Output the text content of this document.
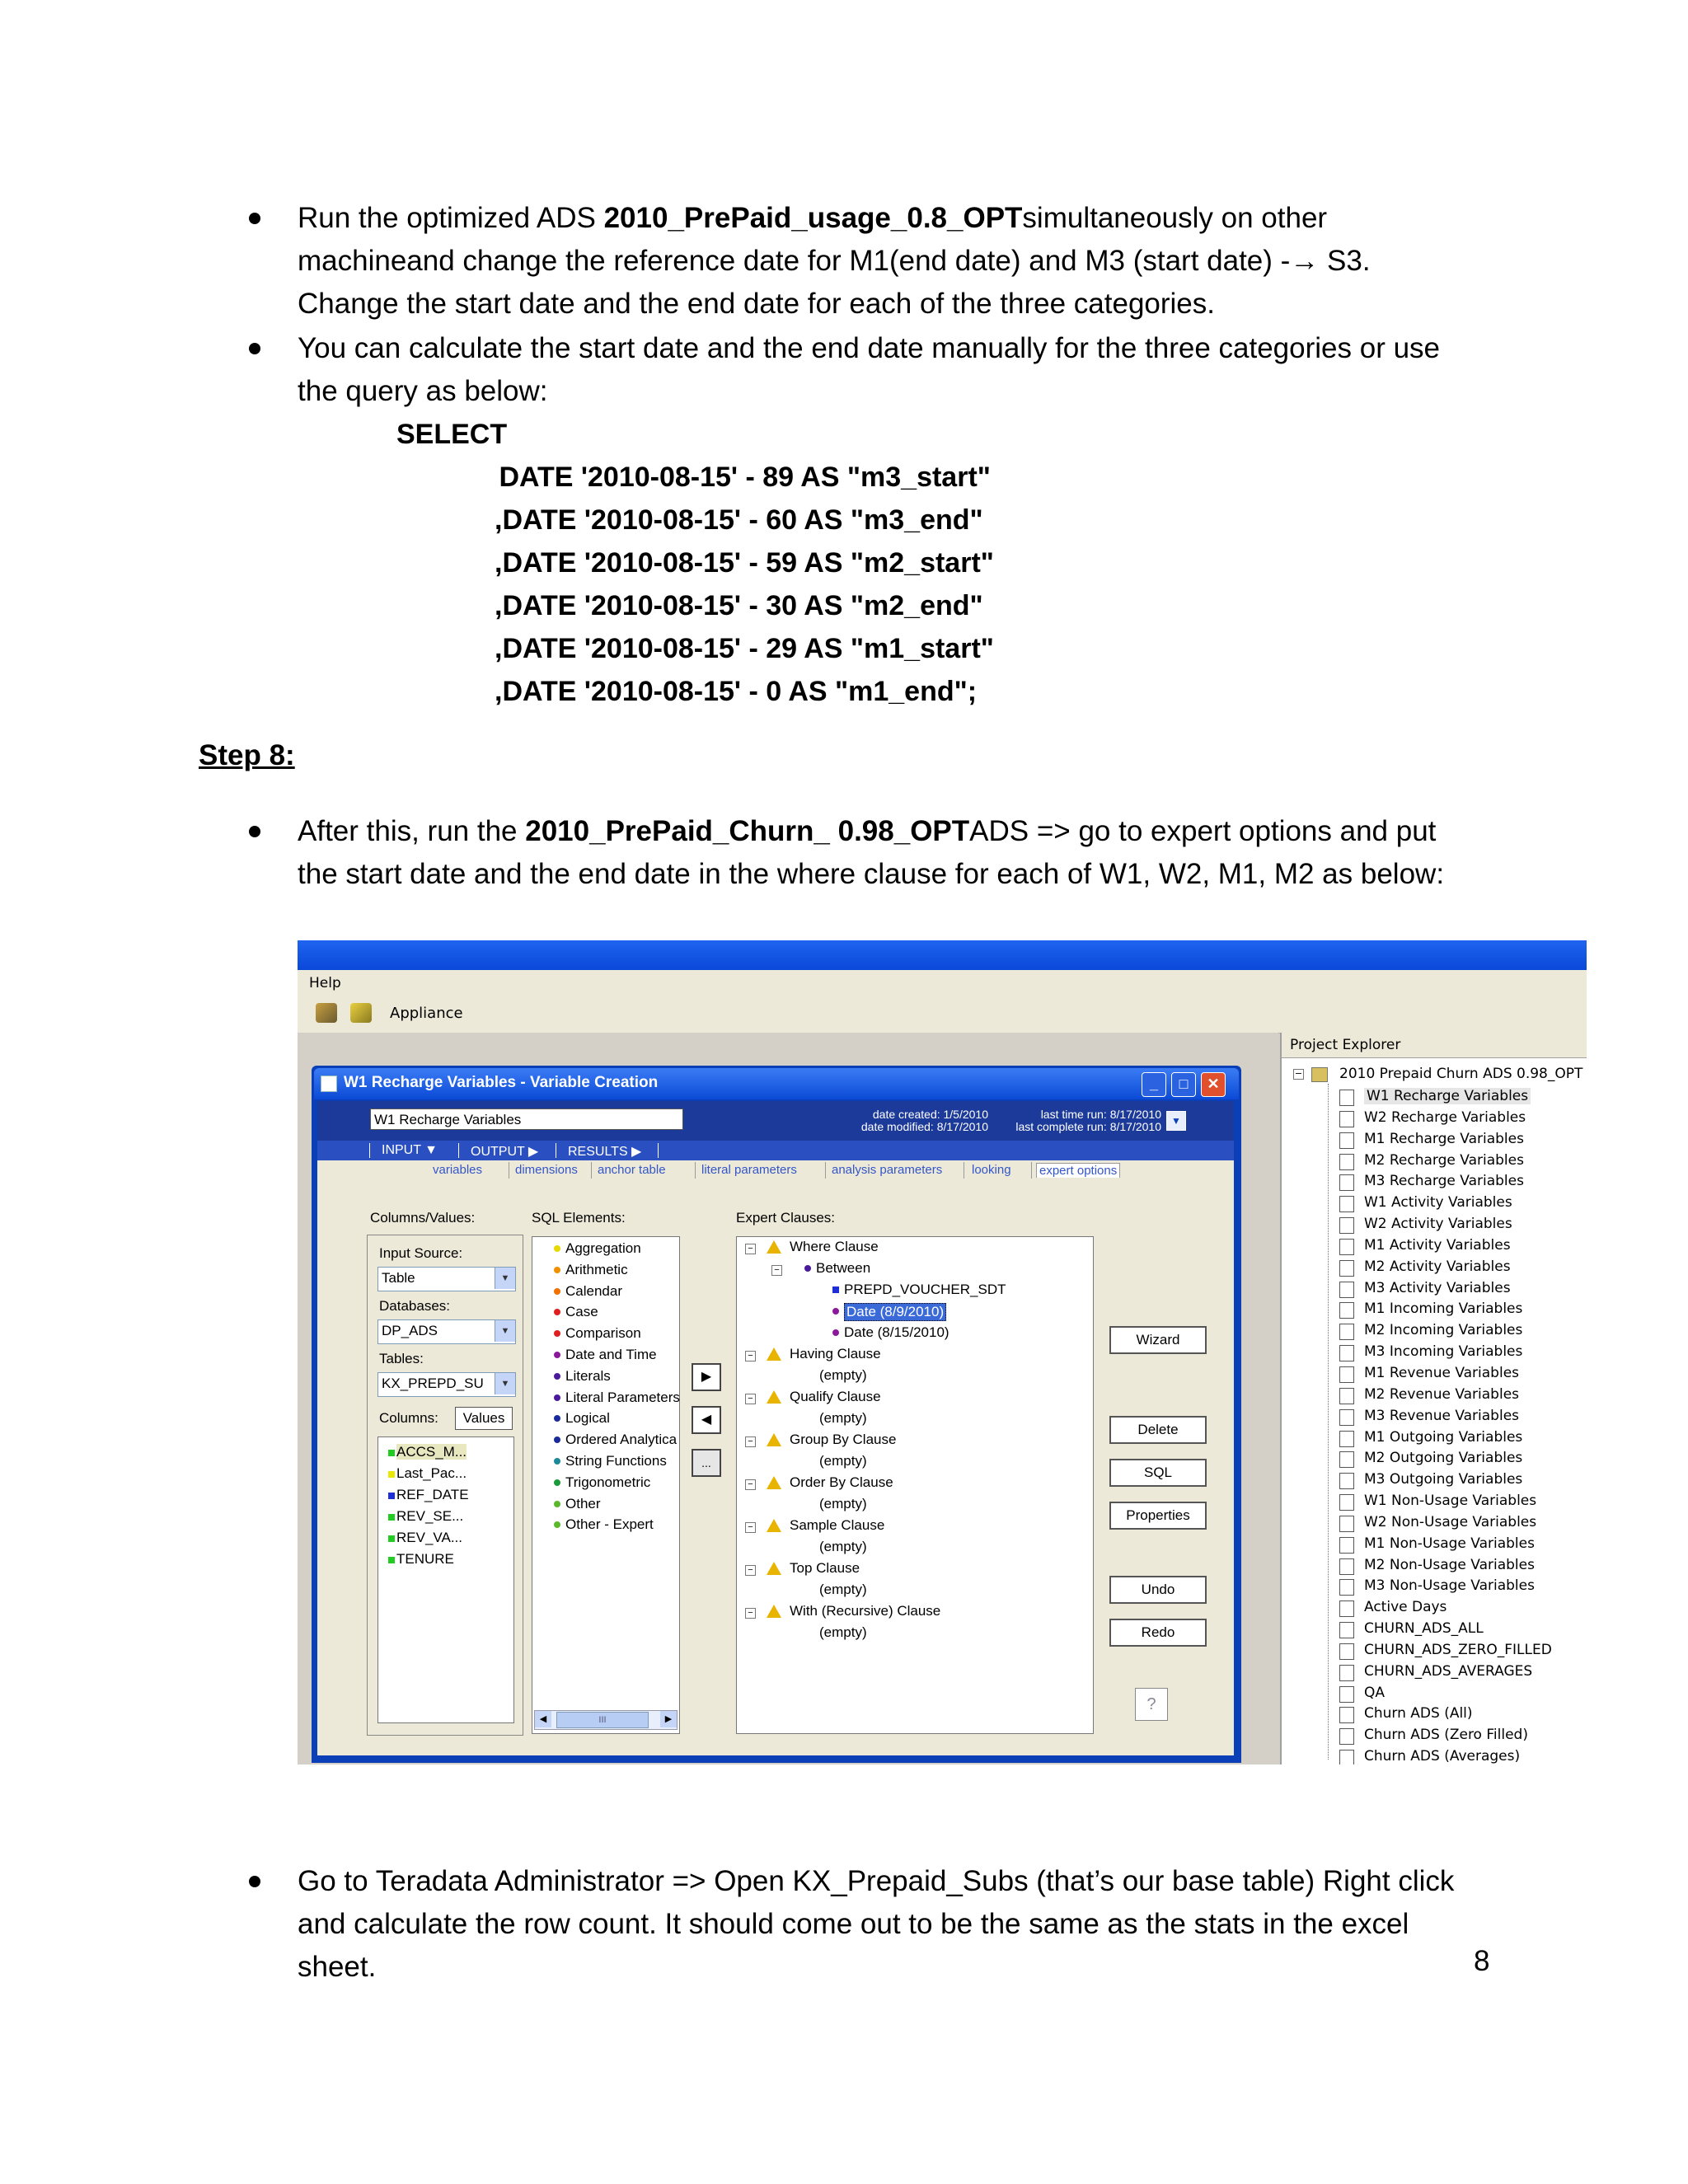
Run the optimized ADS 2010_PrePaid_usage_0.8_OPTsimultaneously on other machineand change the reference date for M1(end date) and M3 (start date) -→ S3. Change the start date and the end date for each of the three categories.
You can calculate the start date and the end date manually for the three categories or use the query as below:
SELECT
DATE '2010-08-15' - 89 AS "m3_start"
,DATE '2010-08-15' - 60 AS "m3_end"
,DATE '2010-08-15' - 59 AS "m2_start"
,DATE '2010-08-15' - 30 AS "m2_end"
,DATE '2010-08-15' - 29 AS "m1_start"
,DATE '2010-08-15' - 0 AS "m1_end";
Step 8:
After this, run the 2010_PrePaid_Churn_ 0.98_OPTADS => go to expert options and put the start date and the end date in the where clause for each of W1, W2, M1, M2 as below:
Help
Appliance
Project Explorer
−	2010 Prepaid Churn ADS 0.98_OPT
W1 Recharge Variables
W2 Recharge Variables
M1 Recharge Variables
M2 Recharge Variables
M3 Recharge Variables
W1 Activity Variables
W2 Activity Variables
M1 Activity Variables
M2 Activity Variables
M3 Activity Variables
M1 Incoming Variables
M2 Incoming Variables
M3 Incoming Variables
M1 Revenue Variables
M2 Revenue Variables
M3 Revenue Variables
M1 Outgoing Variables
M2 Outgoing Variables
M3 Outgoing Variables
W1 Non-Usage Variables
W2 Non-Usage Variables
M1 Non-Usage Variables
M2 Non-Usage Variables
M3 Non-Usage Variables
Active Days
CHURN_ADS_ALL
CHURN_ADS_ZERO_FILLED
CHURN_ADS_AVERAGES
QA
Churn ADS (All)
Churn ADS (Zero Filled)
Churn ADS (Averages)
W1 Recharge Variables - Variable Creation	_	□	✕
W1 Recharge Variables	date created: 1/5/2010
date modified: 8/17/2010
last time run: 8/17/2010
last complete run: 8/17/2010	▼
INPUT ▼	OUTPUT ▶ RESULTS ▶
variables	dimensions anchor table	literal parameters	analysis parameters looking expert options
Columns/Values:
Input Source:
Table	▼
Databases:
DP_ADS	▼
Tables:
KX_PREPD_SU	▼
Columns:	Values
ACCS_M...
Last_Pac...
REF_DATE
REV_SE...
REV_VA...
TENURE
SQL Elements:
◀	III	▶
Aggregation
Arithmetic
Calendar
Case
Comparison
Date and Time
Literals
Literal Parameters
Logical
Ordered Analytica
String Functions
Trigonometric
Other
Other - Expert
▶
◀
...
Expert Clauses:
−	Where Clause
−	Between
PREPD_VOUCHER_SDT
Date (8/9/2010)
Date (8/15/2010)
−	Having Clause
(empty)
−	Qualify Clause
(empty)
−	Group By Clause
(empty)
−	Order By Clause
(empty)
−	Sample Clause
(empty)
−	Top Clause
(empty)
−	With (Recursive) Clause
(empty)
Wizard
Delete
SQL
Properties
Undo
Redo
?
Go to Teradata Administrator => Open KX_Prepaid_Subs (that’s our base table) Right click and calculate the row count. It should come out to be the same as the stats in the excel sheet.	8
